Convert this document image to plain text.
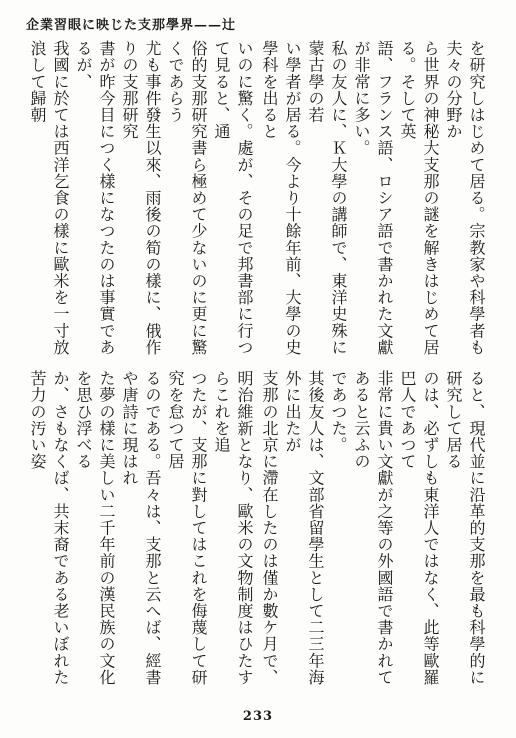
企業習眼に映じた支那學界——辻
を研究しはじめて居る。宗教家や科學者も夫々の分野か
ら世界の神秘大支那の謎を解きはじめて居る。そして英
語、フランス語、ロシア語で書かれた文獻が非常に多い。
私の友人に、Ｋ大學の講師で、東洋史殊に蒙古學の若
い學者が居る。今より十餘年前、大學の史學科を出ると
いのに驚く。處が、その足で邦書部に行つて見ると、通
俗的支那研究書ら極めて少ないのに更に驚くであらう
尤も事件發生以來、雨後の筍の樣に、俄作りの支那研究
書が昨今目につく樣になつたのは事實であるが、
我國に於ては西洋乞食の樣に歐米を一寸放浪して歸朝
ると、現代並に沿革的支那を最も科學的に研究して居る
のは、必ずしも東洋人ではなく、此等歐羅巴人であつて
非常に貴い文獻が之等の外國語で書かれてあると云ふの
であつた。
其後友人は、文部省留學生として二三年海外に出たが
支那の北京に滯在したのは僅か數ケ月で、
明治維新となり、歐米の文物制度はひたすらこれを追
つたが、支那に對してはこれを侮蔑して研究を怠つて居
るのである。吾々は、支那と云へば、經書や唐詩に現はれ
た夢の樣に美しい二千年前の漢民族の文化を思ひ浮べる
か、さもなくば、共末裔である老いぼれた苦力の汚い姿
233
